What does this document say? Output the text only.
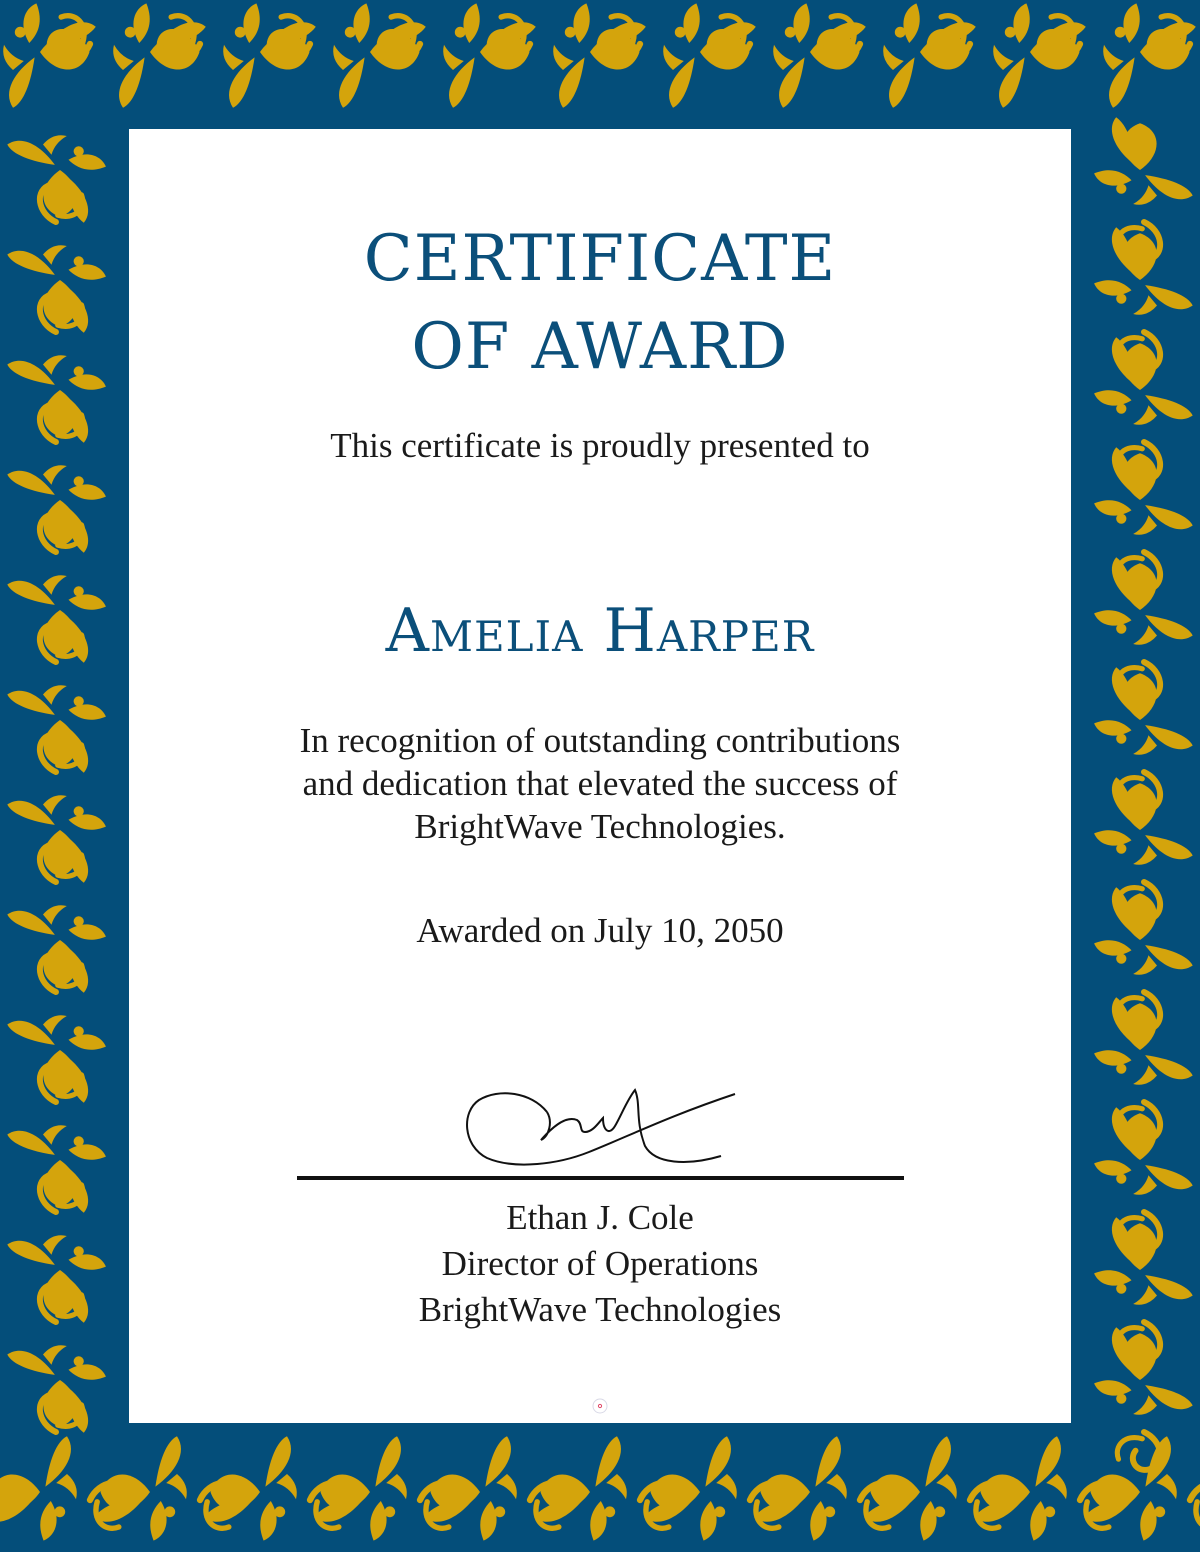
CERTIFICATE
OF AWARD
This certificate is proudly presented to
Amelia Harper
In recognition of outstanding contributions
and dedication that elevated the success of
BrightWave Technologies.
Awarded on July 10, 2050
Ethan J. Cole
Director of Operations
BrightWave Technologies
